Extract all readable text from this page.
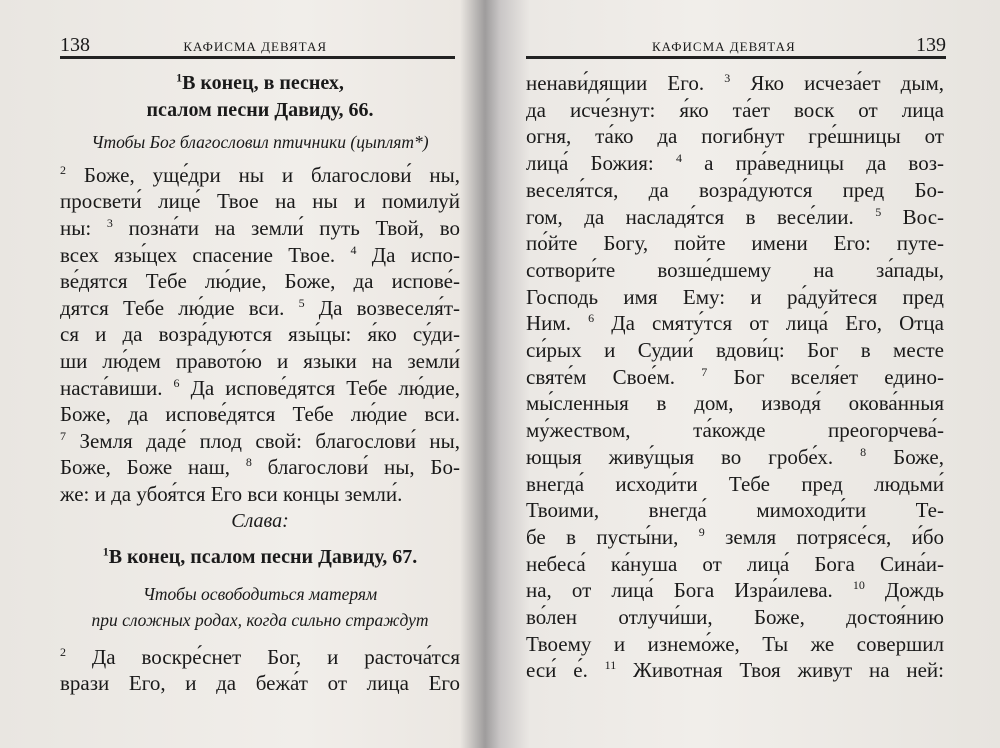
138	КАФИСМА ДЕВЯТАЯ
$^1$В конец, в песнех,
псалом песни Давиду, 66.
Чтобы Бог благословил птичники (цыплят*)
$^2$ Боже, уще́дри ны и благослови́ ны,
просвети́ лице́ Твое на ны и помилуй
ны: $^3$ позна́ти на земли́ путь Твой, во
всех язы́цех спасение Твое. $^4$ Да испо-
ве́дятся Тебе лю́дие, Боже, да испове́-
дятся Тебе лю́дие вси. $^5$ Да возвеселя́т-
ся и да возра́дуются язы́цы: я́ко су́ди-
ши лю́дем правото́ю и языки на земли́
наста́виши. $^6$ Да испове́дятся Тебе лю́дие,
Боже, да испове́дятся Тебе лю́дие вси.
$^7$ Земля даде́ плод свой: благослови́ ны,
Боже, Боже наш, $^8$ благослови́ ны, Бо-
же: и да убоя́тся Его вси концы земли́.
Слава:
$^1$В конец, псалом песни Давиду, 67.
Чтобы освободиться матерям
при сложных родах, когда сильно страждут
$^2$ Да воскре́снет Бог, и расточа́тся
врази Его, и да бежа́т от лица Его
КАФИСМА ДЕВЯТАЯ	139
ненави́дящии Его. $^3$ Яко исчеза́ет дым,
да исче́знут: я́ко та́ет воск от лица
огня, та́ко да погибнут гре́шницы от
лица́ Божия: $^4$ а пра́ведницы да воз-
веселя́тся, да возра́дуются пред Бо-
гом, да насладя́тся в весе́лии. $^5$ Вос-
по́йте Богу, пойте имени Его: путе-
сотвори́те возше́дшему на за́пады,
Господь имя Ему: и ра́дуйтеся пред
Ним. $^6$ Да смяту́тся от лица́ Его, Отца
си́рых и Судии́ вдови́ц: Бог в месте
святе́м Свое́м. $^7$ Бог вселя́ет едино-
мы́сленныя в дом, изводя́ окова́нныя
му́жеством, та́кожде преогорчева́-
ющыя живу́щыя во гробе́х. $^8$ Боже,
внегда́ исходи́ти Тебе пред людьми́
Твоими, внегда́ мимоходи́ти Те-
бе в пусты́ни, $^9$ земля потрясе́ся, и́бо
небеса́ ка́нуша от лица́ Бога Сина́и-
на, от лица́ Бога Изра́илева. $^{10}$ Дождь
во́лен отлучи́ши, Боже, достоя́нию
Твоему и изнемо́же, Ты же совершил
еси́ е́. $^{11}$ Животная Твоя живут на ней:
